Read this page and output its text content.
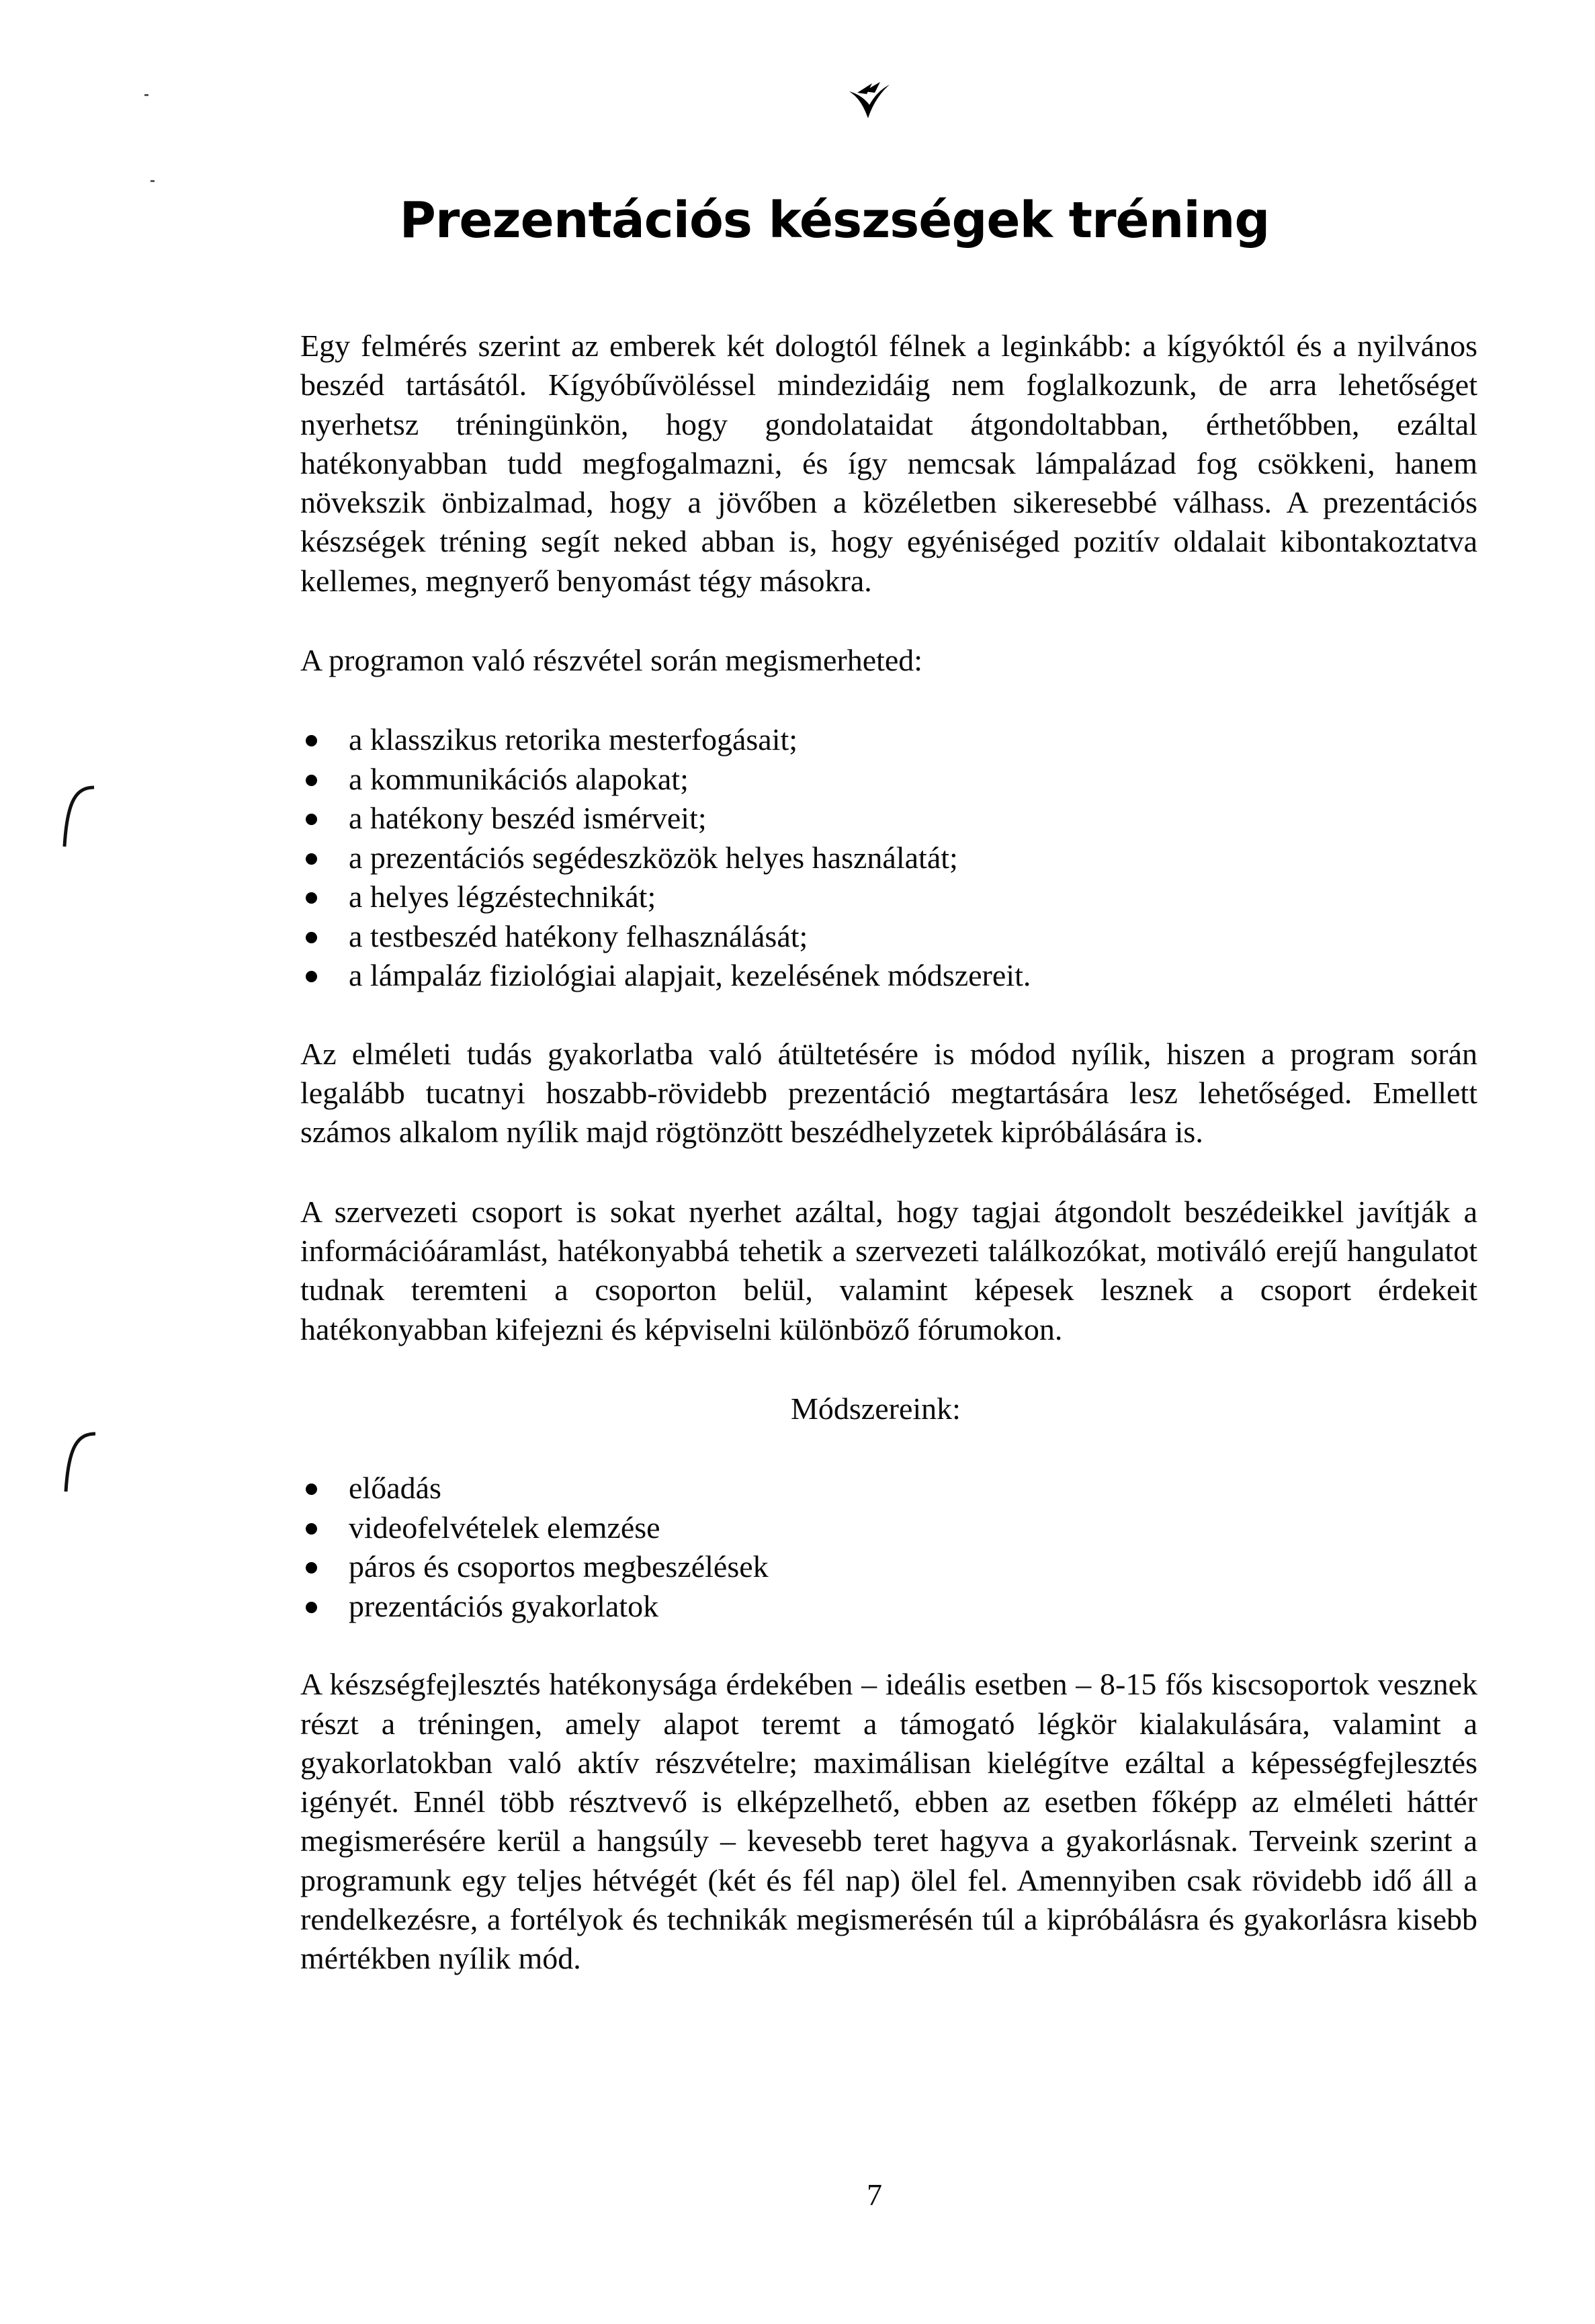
Prezentációs készségek tréning

Egy felmérés szerint az emberek két dologtól félnek a leginkább: a kígyóktól és a nyilvános beszéd tartásától. Kígyóbűvöléssel mindezidáig nem foglalkozunk, de arra lehetőséget nyerhetsz tréningünkön, hogy gondolataidat átgondoltabban, érthetőbben, ezáltal hatékonyabban tudd megfogalmazni, és így nemcsak lámpalázad fog csökkeni, hanem növekszik önbizalmad, hogy a jövőben a közéletben sikeresebbé válhass. A prezentációs készségek tréning segít neked abban is, hogy egyéniséged pozitív oldalait kibontakoztatva kellemes, megnyerő benyomást tégy másokra.

A programon való részvétel során megismerheted:

a klasszikus retorika mesterfogásait;
a kommunikációs alapokat;
a hatékony beszéd ismérveit;
a prezentációs segédeszközök helyes használatát;
a helyes légzéstechnikát;
a testbeszéd hatékony felhasználását;
a lámpaláz fiziológiai alapjait, kezelésének módszereit.

Az elméleti tudás gyakorlatba való átültetésére is módod nyílik, hiszen a program során legalább tucatnyi hoszabb-rövidebb prezentáció megtartására lesz lehetőséged. Emellett számos alkalom nyílik majd rögtönzött beszédhelyzetek kipróbálására is.

A szervezeti csoport is sokat nyerhet azáltal, hogy tagjai átgondolt beszédeikkel javítják a információáramlást, hatékonyabbá tehetik a szervezeti találkozókat, motiváló erejű hangulatot tudnak teremteni a csoporton belül, valamint képesek lesznek a csoport érdekeit hatékonyabban kifejezni és képviselni különböző fórumokon.

Módszereink:

előadás
videofelvételek elemzése
páros és csoportos megbeszélések
prezentációs gyakorlatok

A készségfejlesztés hatékonysága érdekében – ideális esetben – 8-15 fős kiscsoportok vesznek részt a tréningen, amely alapot teremt a támogató légkör kialakulására, valamint a gyakorlatokban való aktív részvételre; maximálisan kielégítve ezáltal a képességfejlesztés igényét. Ennél több résztvevő is elképzelhető, ebben az esetben főképp az elméleti háttér megismerésére kerül a hangsúly – kevesebb teret hagyva a gyakorlásnak. Terveink szerint a programunk egy teljes hétvégét (két és fél nap) ölel fel. Amennyiben csak rövidebb idő áll a rendelkezésre, a fortélyok és technikák megismerésén túl a kipróbálásra és gyakorlásra kisebb mértékben nyílik mód.

7
